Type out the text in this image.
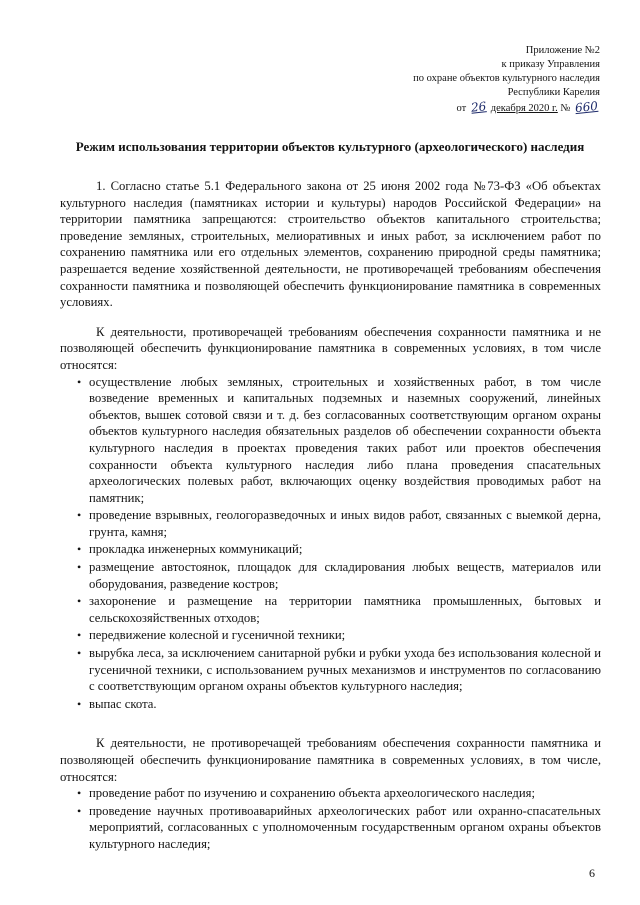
Приложение №2
к приказу Управления
по охране объектов культурного наследия
Республики Карелия
от 26 декабря 2020 г. № 660
Режим использования территории объектов культурного (археологического) наследия

1. Согласно статье 5.1 Федерального закона от 25 июня 2002 года №73-ФЗ «Об объектах культурного наследия (памятниках истории и культуры) народов Российской Федерации» на территории памятника запрещаются: строительство объектов капитального строительства; проведение земляных, строительных, мелиоративных и иных работ, за исключением работ по сохранению памятника или его отдельных элементов, сохранению природной среды памятника; разрешается ведение хозяйственной деятельности, не противоречащей требованиям обеспечения сохранности памятника и позволяющей обеспечить функционирование памятника в современных условиях.

К деятельности, противоречащей требованиям обеспечения сохранности памятника и не позволяющей обеспечить функционирование памятника в современных условиях, в том числе относятся:

• осуществление любых земляных, строительных и хозяйственных работ, в том числе возведение временных и капитальных подземных и наземных сооружений, линейных объектов, вышек сотовой связи и т. д. без согласованных соответствующим органом охраны объектов культурного наследия обязательных разделов об обеспечении сохранности объекта культурного наследия в проектах проведения таких работ или проектов обеспечения сохранности объекта культурного наследия либо плана проведения спасательных археологических полевых работ, включающих оценку воздействия проводимых работ на памятник;
• проведение взрывных, геологоразведочных и иных видов работ, связанных с выемкой дерна, грунта, камня;
• прокладка инженерных коммуникаций;
• размещение автостоянок, площадок для складирования любых веществ, материалов или оборудования, разведение костров;
• захоронение и размещение на территории памятника промышленных, бытовых и сельскохозяйственных отходов;
• передвижение колесной и гусеничной техники;
• вырубка леса, за исключением санитарной рубки и рубки ухода без использования колесной и гусеничной техники, с использованием ручных механизмов и инструментов по согласованию с соответствующим органом охраны объектов культурного наследия;
• выпас скота.

К деятельности, не противоречащей требованиям обеспечения сохранности памятника и позволяющей обеспечить функционирование памятника в современных условиях, в том числе, относятся:

• проведение работ по изучению и сохранению объекта археологического наследия;
• проведение научных противоаварийных археологических работ или охранно-спасательных мероприятий, согласованных с уполномоченным государственным органом охраны объектов культурного наследия;
6
